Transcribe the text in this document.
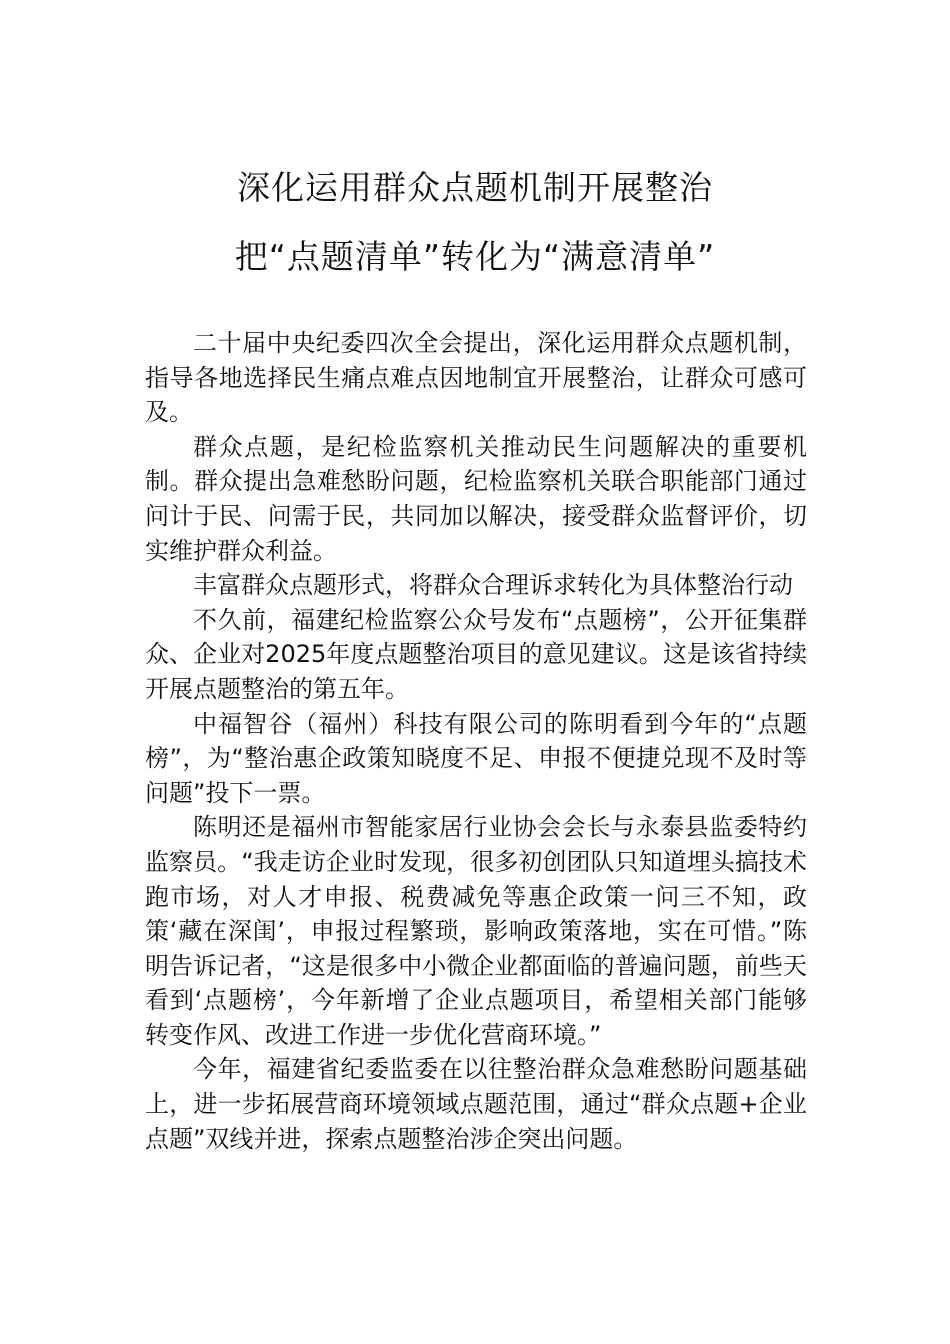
深化运用群众点题机制开展整治
把“点题清单”转化为“满意清单”

二十届中央纪委四次全会提出，深化运用群众点题机制，指导各地选择民生痛点难点因地制宜开展整治，让群众可感可及。

群众点题，是纪检监察机关推动民生问题解决的重要机制。群众提出急难愁盼问题，纪检监察机关联合职能部门通过问计于民、问需于民，共同加以解决，接受群众监督评价，切实维护群众利益。

丰富群众点题形式，将群众合理诉求转化为具体整治行动

不久前，福建纪检监察公众号发布“点题榜”，公开征集群众、企业对2025年度点题整治项目的意见建议。这是该省持续开展点题整治的第五年。

中福智谷（福州）科技有限公司的陈明看到今年的“点题榜”，为“整治惠企政策知晓度不足、申报不便捷兑现不及时等问题”投下一票。

陈明还是福州市智能家居行业协会会长与永泰县监委特约监察员。“我走访企业时发现，很多初创团队只知道埋头搞技术跑市场，对人才申报、税费减免等惠企政策一问三不知，政策‘藏在深闺’，申报过程繁琐，影响政策落地，实在可惜。”陈明告诉记者，“这是很多中小微企业都面临的普遍问题，前些天看到‘点题榜’，今年新增了企业点题项目，希望相关部门能够转变作风、改进工作进一步优化营商环境。”

今年，福建省纪委监委在以往整治群众急难愁盼问题基础上，进一步拓展营商环境领域点题范围，通过“群众点题+企业点题”双线并进，探索点题整治涉企突出问题。
